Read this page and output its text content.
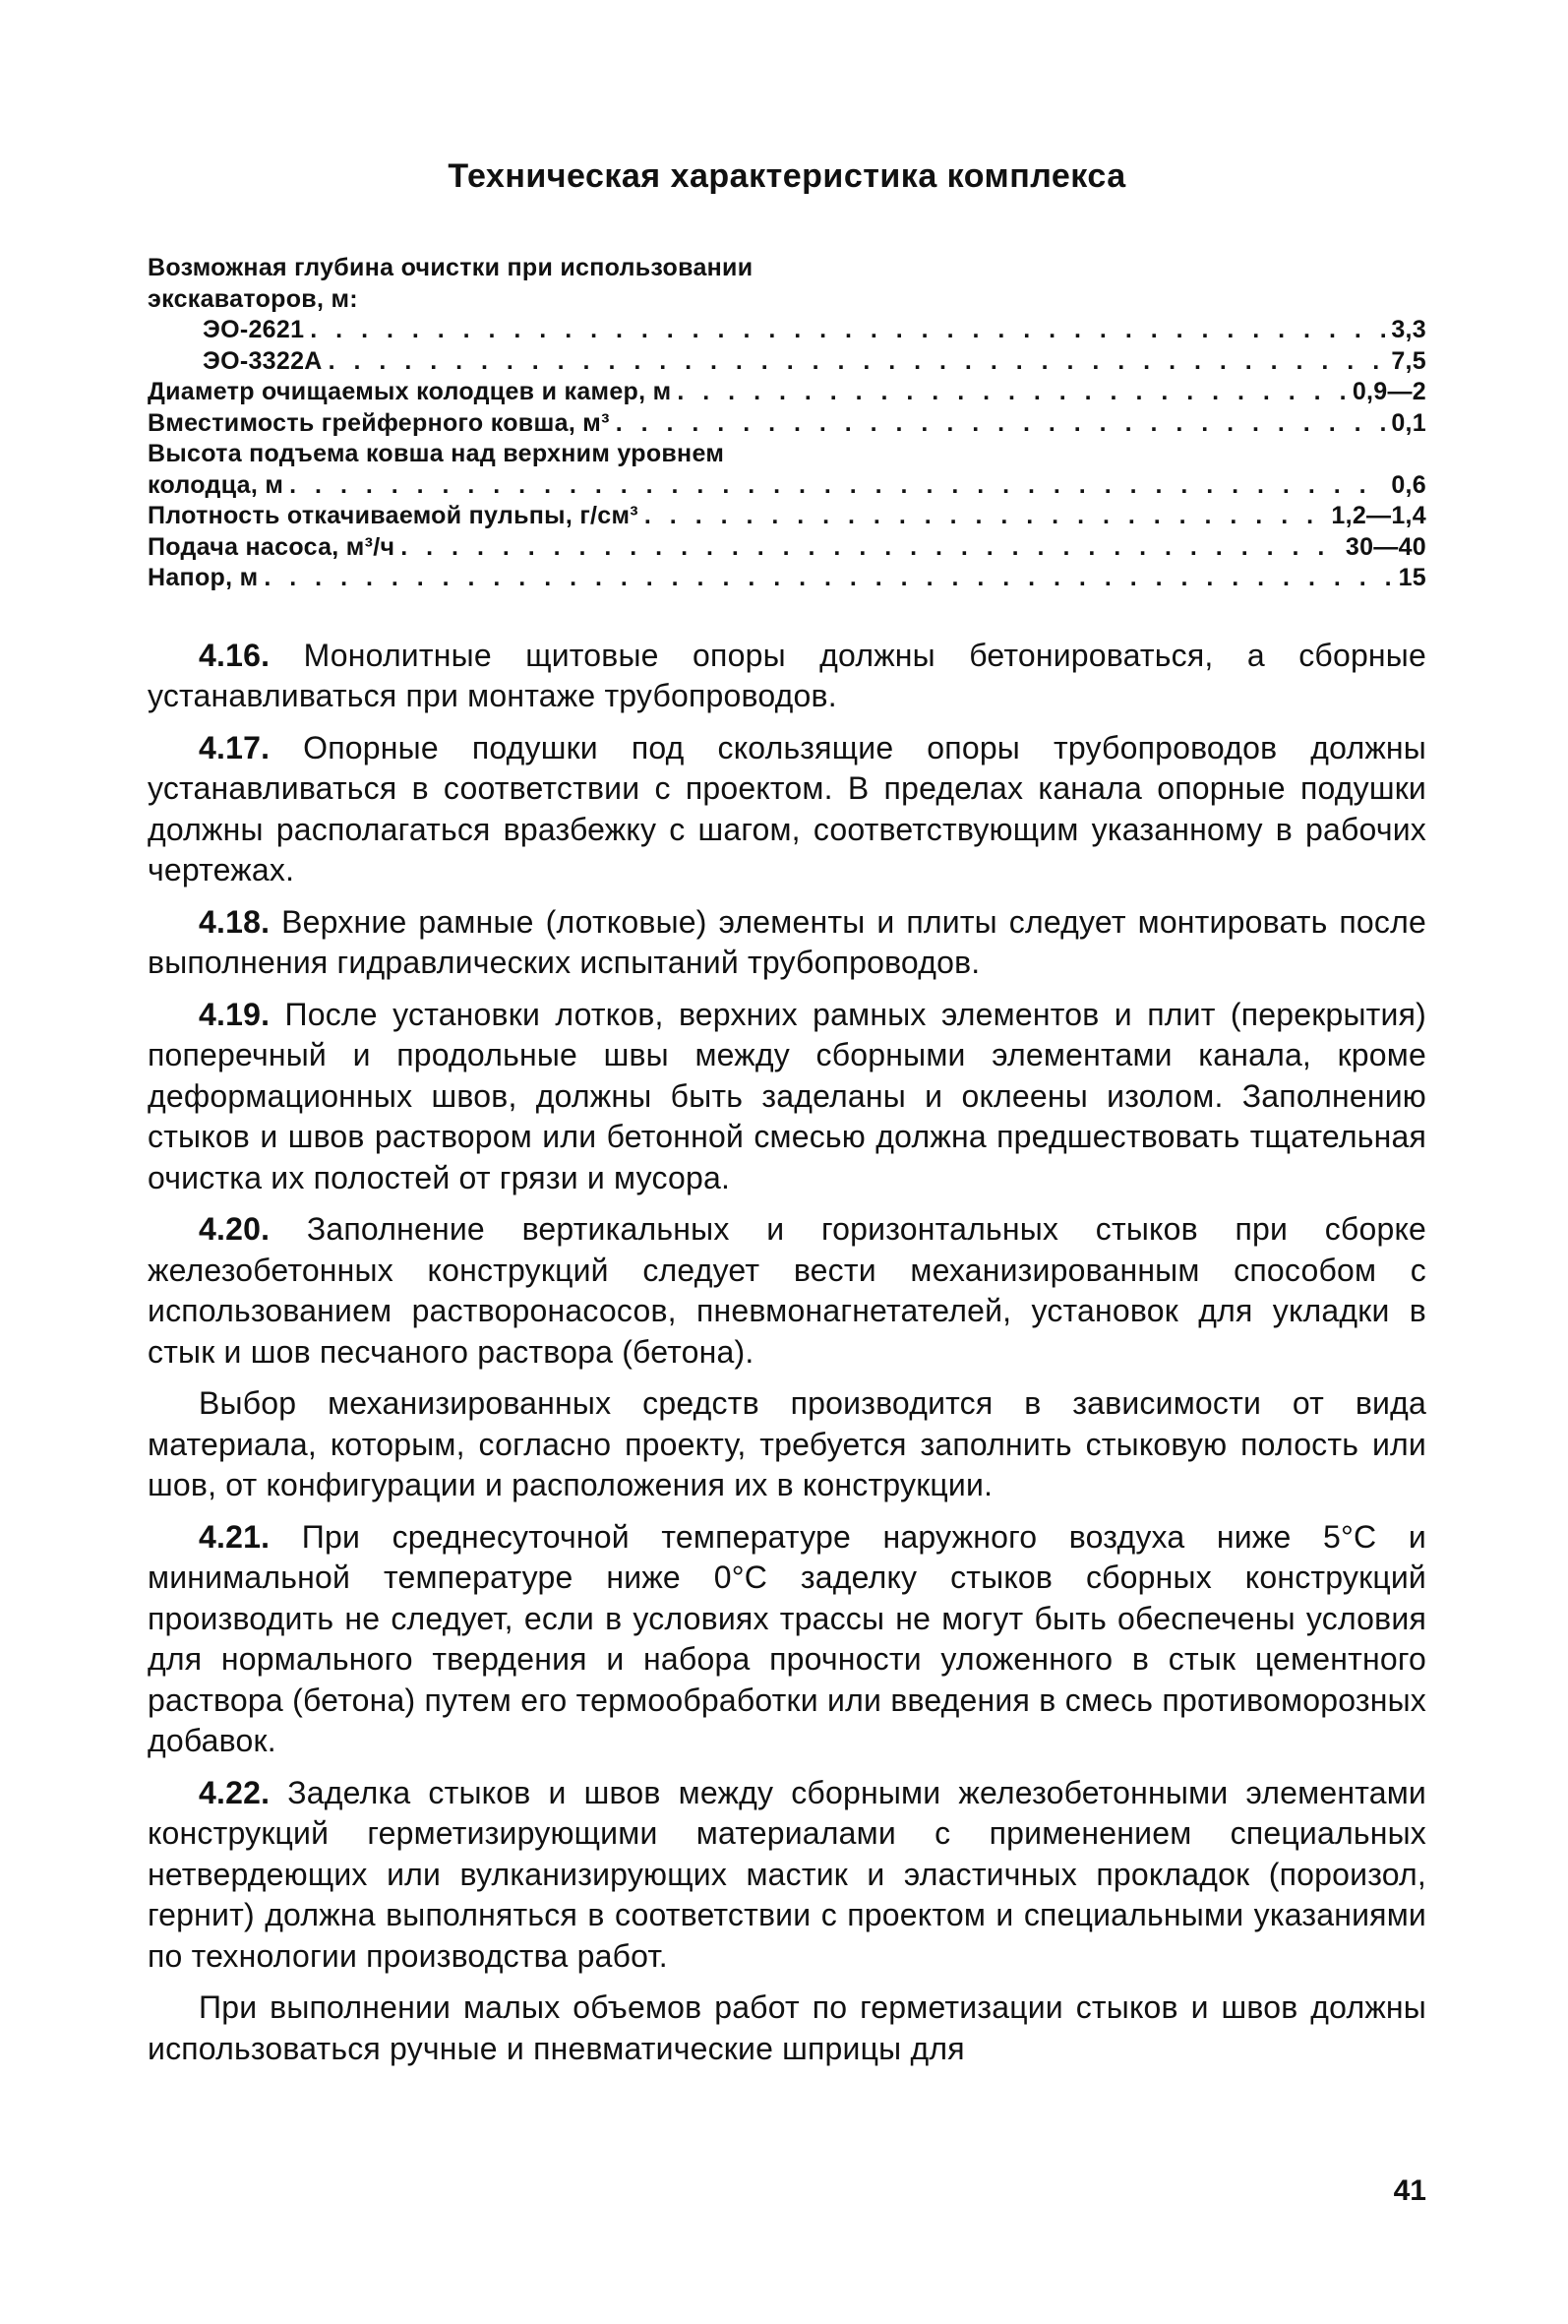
Техническая характеристика комплекса
Возможная глубина очистки при использовании
экскаваторов, м:
ЭО-2621 . . .	3,3
ЭО-3322А . . .	7,5
Диаметр очищаемых колодцев и камер, м . . .	0,9—2
Вместимость грейферного ковша, м³ . . .	0,1
Высота подъема ковша над верхним уровнем
колодца, м . . .	0,6
Плотность откачиваемой пульпы, г/см³ . . .	1,2—1,4
Подача насоса, м³/ч . . .	30—40
Напор, м . . .	15

4.16. Монолитные щитовые опоры должны бетонироваться, а сборные устанавливаться при монтаже трубопроводов.

4.17. Опорные подушки под скользящие опоры трубопроводов должны устанавливаться в соответствии с проектом. В пределах канала опорные подушки должны располагаться вразбежку с шагом, соответствующим указанному в рабочих чертежах.

4.18. Верхние рамные (лотковые) элементы и плиты следует монтировать после выполнения гидравлических испытаний трубопроводов.

4.19. После установки лотков, верхних рамных элементов и плит (перекрытия) поперечный и продольные швы между сборными элементами канала, кроме деформационных швов, должны быть заделаны и оклеены изолом. Заполнению стыков и швов раствором или бетонной смесью должна предшествовать тщательная очистка их полостей от грязи и мусора.

4.20. Заполнение вертикальных и горизонтальных стыков при сборке железобетонных конструкций следует вести механизированным способом с использованием растворонасосов, пневмонагнетателей, установок для укладки в стык и шов песчаного раствора (бетона).

Выбор механизированных средств производится в зависимости от вида материала, которым, согласно проекту, требуется заполнить стыковую полость или шов, от конфигурации и расположения их в конструкции.

4.21. При среднесуточной температуре наружного воздуха ниже 5°С и минимальной температуре ниже 0°С заделку стыков сборных конструкций производить не следует, если в условиях трассы не могут быть обеспечены условия для нормального твердения и набора прочности уложенного в стык цементного раствора (бетона) путем его термообработки или введения в смесь противоморозных добавок.

4.22. Заделка стыков и швов между сборными железобетонными элементами конструкций герметизирующими материалами с применением специальных нетвердеющих или вулканизирующих мастик и эластичных прокладок (пороизол, гернит) должна выполняться в соответствии с проектом и специальными указаниями по технологии производства работ.

При выполнении малых объемов работ по герметизации стыков и швов должны использоваться ручные и пневматические шприцы для

41
